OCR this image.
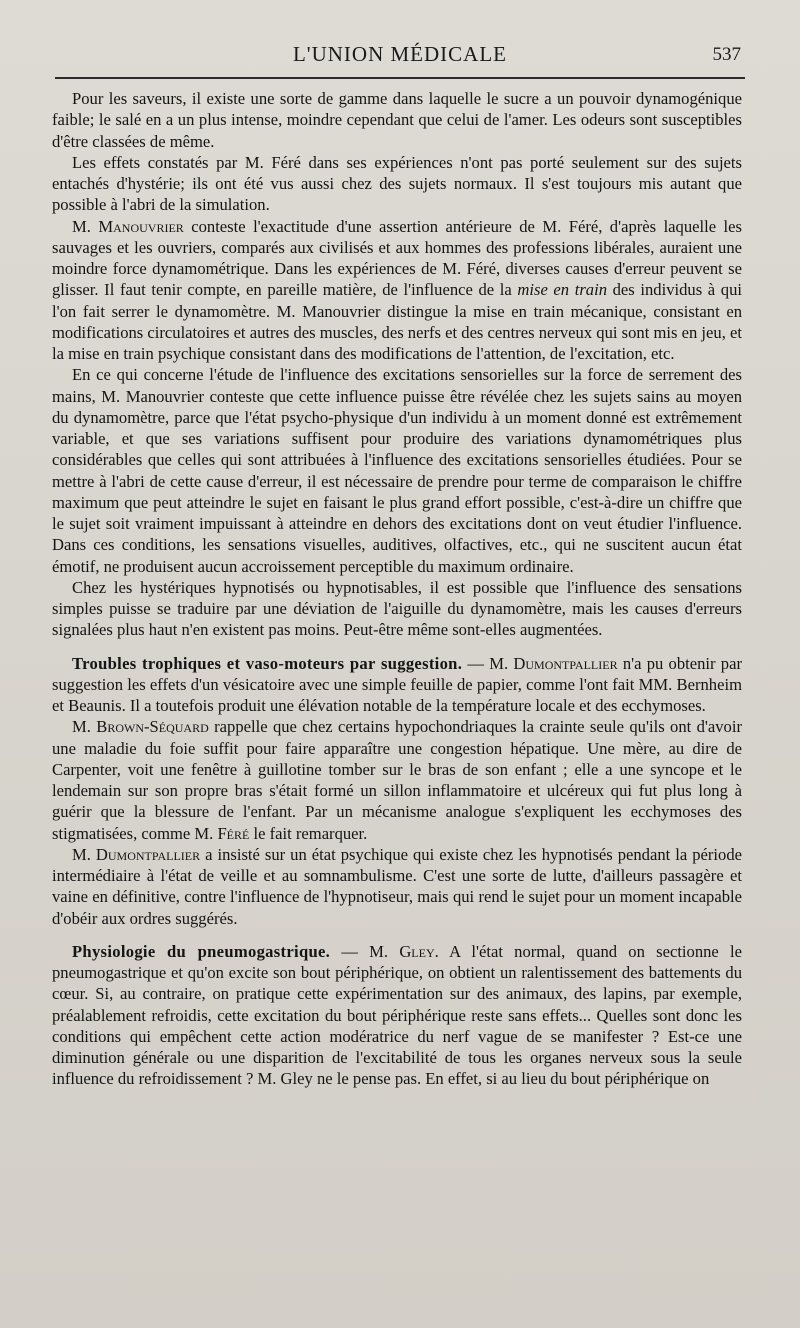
L'UNION MÉDICALE	537

Pour les saveurs, il existe une sorte de gamme dans laquelle le sucre a un pouvoir dynamogénique faible; le salé en a un plus intense, moindre cependant que celui de l'amer. Les odeurs sont susceptibles d'être classées de même.

Les effets constatés par M. Féré dans ses expériences n'ont pas porté seulement sur des sujets entachés d'hystérie; ils ont été vus aussi chez des sujets normaux. Il s'est toujours mis autant que possible à l'abri de la simulation.

M. Manouvrier conteste l'exactitude d'une assertion antérieure de M. Féré, d'après laquelle les sauvages et les ouvriers, comparés aux civilisés et aux hommes des professions libérales, auraient une moindre force dynamométrique. Dans les expériences de M. Féré, diverses causes d'erreur peuvent se glisser. Il faut tenir compte, en pareille matière, de l'influence de la mise en train des individus à qui l'on fait serrer le dynamomètre. M. Manouvrier distingue la mise en train mécanique, consistant en modifications circulatoires et autres des muscles, des nerfs et des centres nerveux qui sont mis en jeu, et la mise en train psychique consistant dans des modifications de l'attention, de l'excitation, etc.

En ce qui concerne l'étude de l'influence des excitations sensorielles sur la force de serrement des mains, M. Manouvrier conteste que cette influence puisse être révélée chez les sujets sains au moyen du dynamomètre, parce que l'état psycho-physique d'un individu à un moment donné est extrêmement variable, et que ses variations suffisent pour produire des variations dynamométriques plus considérables que celles qui sont attribuées à l'influence des excitations sensorielles étudiées. Pour se mettre à l'abri de cette cause d'erreur, il est nécessaire de prendre pour terme de comparaison le chiffre maximum que peut atteindre le sujet en faisant le plus grand effort possible, c'est-à-dire un chiffre que le sujet soit vraiment impuissant à atteindre en dehors des excitations dont on veut étudier l'influence. Dans ces conditions, les sensations visuelles, auditives, olfactives, etc., qui ne suscitent aucun état émotif, ne produisent aucun accroissement perceptible du maximum ordinaire.

Chez les hystériques hypnotisés ou hypnotisables, il est possible que l'influence des sensations simples puisse se traduire par une déviation de l'aiguille du dynamomètre, mais les causes d'erreurs signalées plus haut n'en existent pas moins. Peut-être même sont-elles augmentées.

Troubles trophiques et vaso-moteurs par suggestion. — M. Dumontpallier n'a pu obtenir par suggestion les effets d'un vésicatoire avec une simple feuille de papier, comme l'ont fait MM. Bernheim et Beaunis. Il a toutefois produit une élévation notable de la température locale et des ecchymoses.

M. Brown-Séquard rappelle que chez certains hypochondriaques la crainte seule qu'ils ont d'avoir une maladie du foie suffit pour faire apparaître une congestion hépatique. Une mère, au dire de Carpenter, voit une fenêtre à guillotine tomber sur le bras de son enfant ; elle a une syncope et le lendemain sur son propre bras s'était formé un sillon inflammatoire et ulcéreux qui fut plus long à guérir que la blessure de l'enfant. Par un mécanisme analogue s'expliquent les ecchymoses des stigmatisées, comme M. Féré le fait remarquer.

M. Dumontpallier a insisté sur un état psychique qui existe chez les hypnotisés pendant la période intermédiaire à l'état de veille et au somnambulisme. C'est une sorte de lutte, d'ailleurs passagère et vaine en définitive, contre l'influence de l'hypnotiseur, mais qui rend le sujet pour un moment incapable d'obéir aux ordres suggérés.

Physiologie du pneumogastrique. — M. Gley. A l'état normal, quand on sectionne le pneumogastrique et qu'on excite son bout périphérique, on obtient un ralentissement des battements du cœur. Si, au contraire, on pratique cette expérimentation sur des animaux, des lapins, par exemple, préalablement refroidis, cette excitation du bout périphérique reste sans effets... Quelles sont donc les conditions qui empêchent cette action modératrice du nerf vague de se manifester ? Est-ce une diminution générale ou une disparition de l'excitabilité de tous les organes nerveux sous la seule influence du refroidissement ? M. Gley ne le pense pas. En effet, si au lieu du bout périphérique on
